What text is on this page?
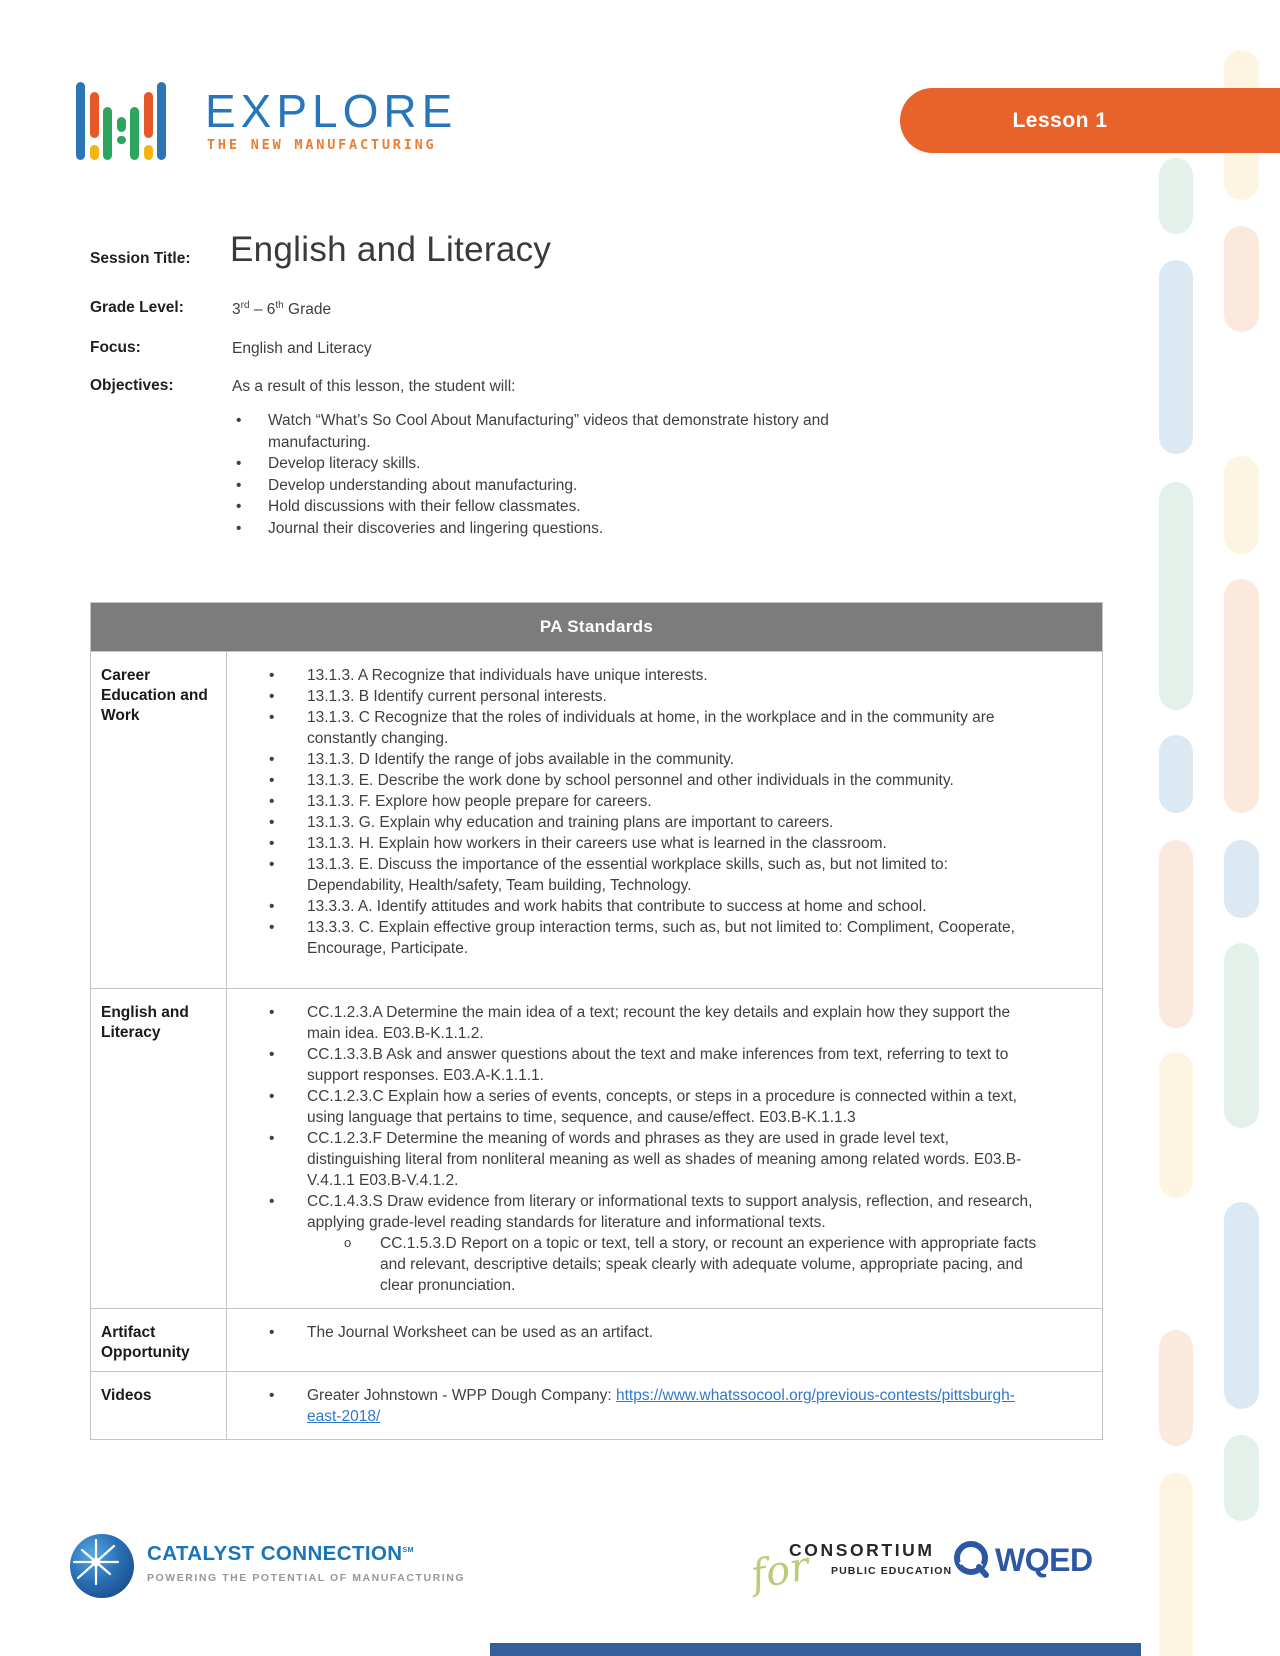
EXPLORE
THE NEW MANUFACTURING
Lesson 1
Session Title: English and Literacy
Grade Level:	3rd – 6th Grade
Focus:	English and Literacy
Objectives:	As a result of this lesson, the student will:
• Watch “What’s So Cool About Manufacturing” videos that demonstrate history and manufacturing.
• Develop literacy skills.
• Develop understanding about manufacturing.
• Hold discussions with their fellow classmates.
• Journal their discoveries and lingering questions.
PA Standards
Career Education and Work
• 13.1.3. A Recognize that individuals have unique interests.
• 13.1.3. B Identify current personal interests.
• 13.1.3. C Recognize that the roles of individuals at home, in the workplace and in the community are constantly changing.
• 13.1.3. D Identify the range of jobs available in the community.
• 13.1.3. E. Describe the work done by school personnel and other individuals in the community.
• 13.1.3. F. Explore how people prepare for careers.
• 13.1.3. G. Explain why education and training plans are important to careers.
• 13.1.3. H. Explain how workers in their careers use what is learned in the classroom.
• 13.1.3. E. Discuss the importance of the essential workplace skills, such as, but not limited to: Dependability, Health/safety, Team building, Technology.
• 13.3.3. A. Identify attitudes and work habits that contribute to success at home and school.
• 13.3.3. C. Explain effective group interaction terms, such as, but not limited to: Compliment, Cooperate, Encourage, Participate.
English and Literacy
• CC.1.2.3.A Determine the main idea of a text; recount the key details and explain how they support the main idea. E03.B-K.1.1.2.
• CC.1.3.3.B Ask and answer questions about the text and make inferences from text, referring to text to support responses. E03.A-K.1.1.1.
• CC.1.2.3.C Explain how a series of events, concepts, or steps in a procedure is connected within a text, using language that pertains to time, sequence, and cause/effect. E03.B-K.1.1.3
• CC.1.2.3.F Determine the meaning of words and phrases as they are used in grade level text, distinguishing literal from nonliteral meaning as well as shades of meaning among related words. E03.B-V.4.1.1 E03.B-V.4.1.2.
• CC.1.4.3.S Draw evidence from literary or informational texts to support analysis, reflection, and research, applying grade-level reading standards for literature and informational texts.
o CC.1.5.3.D Report on a topic or text, tell a story, or recount an experience with appropriate facts and relevant, descriptive details; speak clearly with adequate volume, appropriate pacing, and clear pronunciation.
Artifact Opportunity
• The Journal Worksheet can be used as an artifact.
Videos	• Greater Johnstown - WPP Dough Company: https://www.whatssocool.org/previous-contests/pittsburgh-east-2018/
CATALYST CONNECTION℠
POWERING THE POTENTIAL OF MANUFACTURING	for
CONSORTIUM
PUBLIC EDUCATION	WQED
